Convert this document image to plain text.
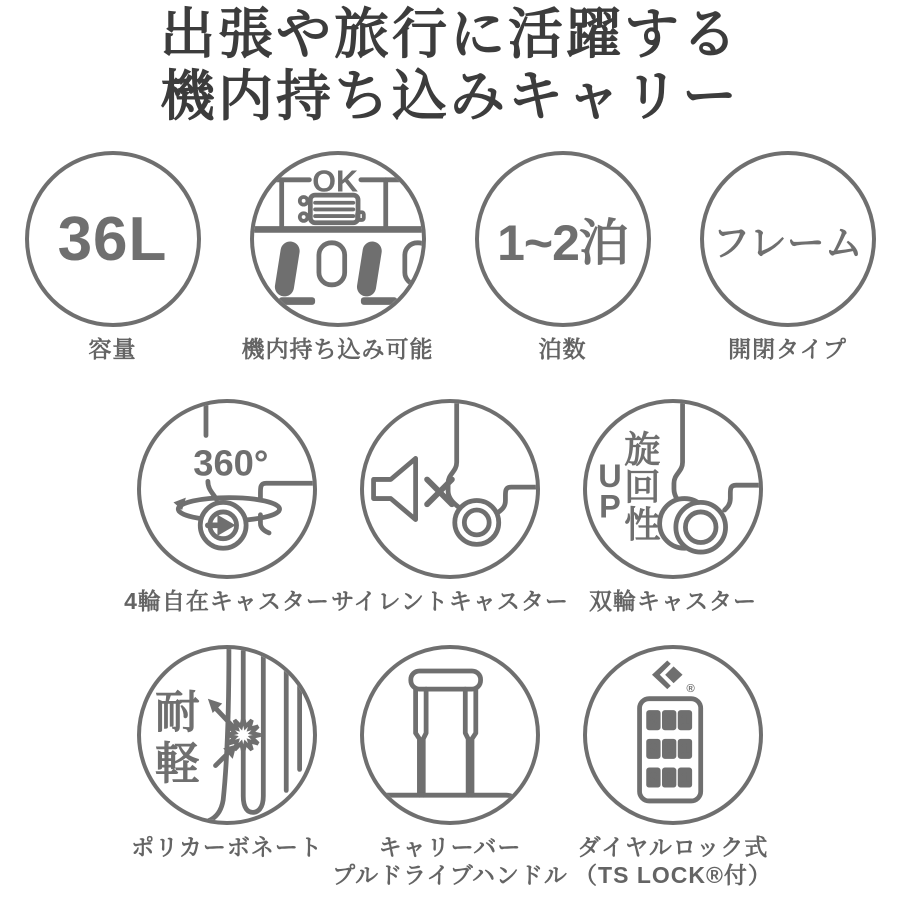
出張や旅行に活躍する
機内持ち込みキャリー
36L
容量
OK
機内持ち込み可能
1~2泊
泊数
フレーム
開閉タイプ
360°
4輪自在キャスター サイレントキャスター
U
P
旋
回
性
双輪キャスター
耐
軽
ポリカーボネート	キャリーバー
プルドライブハンドル
®
9 0 1
9 0 1
9 0 1
ダイヤルロック式
（TS LOCK®付）
